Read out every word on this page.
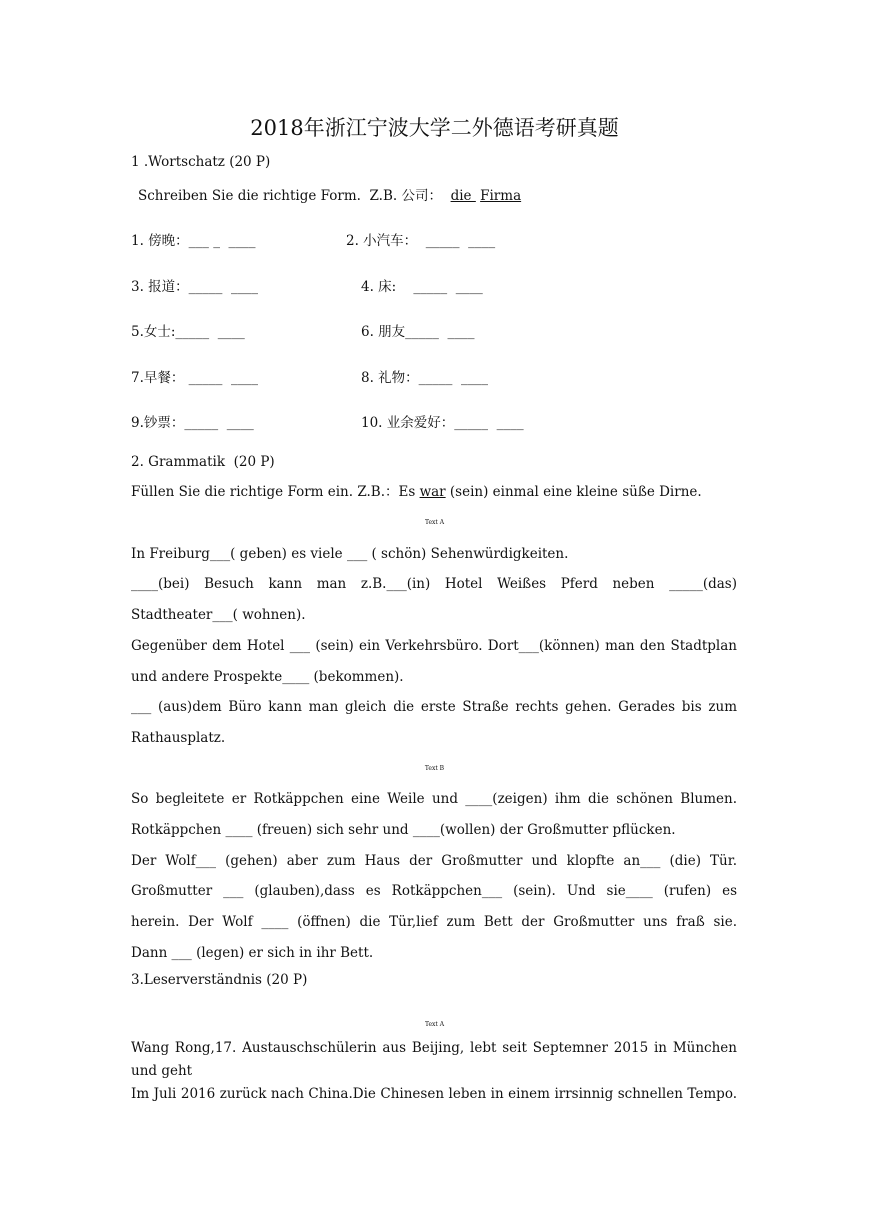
2018年浙江宁波大学二外德语考研真题
1 .Wortschatz (20 P)
Schreiben Sie die richtige Form.  Z.B. 公司： die  Firma
1. 傍晚：___ _  ____	2. 小汽车：  _____  ____
3. 报道：_____  ____	4. 床:    _____  ____
5.女士:_____  ____	6. 朋友_____  ____
7.早餐： _____  ____	8. 礼物：_____  ____
9.钞票：_____  ____	10. 业余爱好：_____  ____
2. Grammatik  (20 P)
Füllen Sie die richtige Form ein. Z.B.：Es war (sein) einmal eine kleine süße Dirne.
Text A
In Freiburg___( geben) es viele ___ ( schön) Sehenwürdigkeiten.
____(bei) Besuch kann man z.B.___(in) Hotel Weißes Pferd neben _____(das)
Stadtheater___( wohnen).
Gegenüber dem Hotel ___ (sein) ein Verkehrsbüro. Dort___(können) man den Stadtplan
und andere Prospekte____ (bekommen).
___ (aus)dem Büro kann man gleich die erste Straße rechts gehen. Gerades bis zum
Rathausplatz.
Text B
So begleitete er Rotkäppchen eine Weile und ____(zeigen) ihm die schönen Blumen.
Rotkäppchen ____ (freuen) sich sehr und ____(wollen) der Großmutter pflücken.
Der Wolf___ (gehen) aber zum Haus der Großmutter und klopfte an___ (die) Tür.
Großmutter ___ (glauben),dass es Rotkäppchen___ (sein). Und sie____ (rufen) es
herein. Der Wolf ____ (öffnen) die Tür,lief zum Bett der Großmutter uns fraß sie.
Dann ___ (legen) er sich in ihr Bett.
3.Leserverständnis (20 P)
Text A
Wang Rong,17. Austauschschülerin aus Beijing, lebt seit Septemner 2015 in München
und geht
Im Juli 2016 zurück nach China.Die Chinesen leben in einem irrsinnig schnellen Tempo.
